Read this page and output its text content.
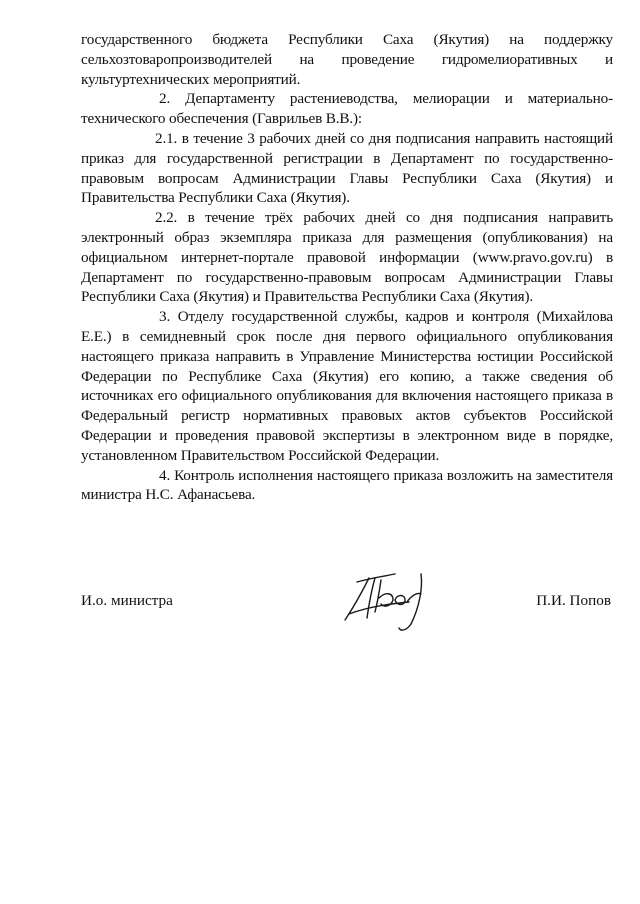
государственного бюджета Республики Саха (Якутия) на поддержку сельхозтоваропроизводителей на проведение гидромелиоративных и культуртехнических мероприятий.

2. Департаменту растениеводства, мелиорации и материально-технического обеспечения (Гаврильев В.В.):

2.1. в течение 3 рабочих дней со дня подписания направить настоящий приказ для государственной регистрации в Департамент по государственно-правовым вопросам Администрации Главы Республики Саха (Якутия) и Правительства Республики Саха (Якутия).

2.2. в течение трёх рабочих дней со дня подписания направить электронный образ экземпляра приказа для размещения (опубликования) на официальном интернет-портале правовой информации (www.pravo.gov.ru) в Департамент по государственно-правовым вопросам Администрации Главы Республики Саха (Якутия) и Правительства Республики Саха (Якутия).

3. Отделу государственной службы, кадров и контроля (Михайлова Е.Е.) в семидневный срок после дня первого официального опубликования настоящего приказа направить в Управление Министерства юстиции Российской Федерации по Республике Саха (Якутия) его копию, а также сведения об источниках его официального опубликования для включения настоящего приказа в Федеральный регистр нормативных правовых актов субъектов Российской Федерации и проведения правовой экспертизы в электронном виде в порядке, установленном Правительством Российской Федерации.

4. Контроль исполнения настоящего приказа возложить на заместителя министра Н.С. Афанасьева.

И.о. министра	П.И. Попов
